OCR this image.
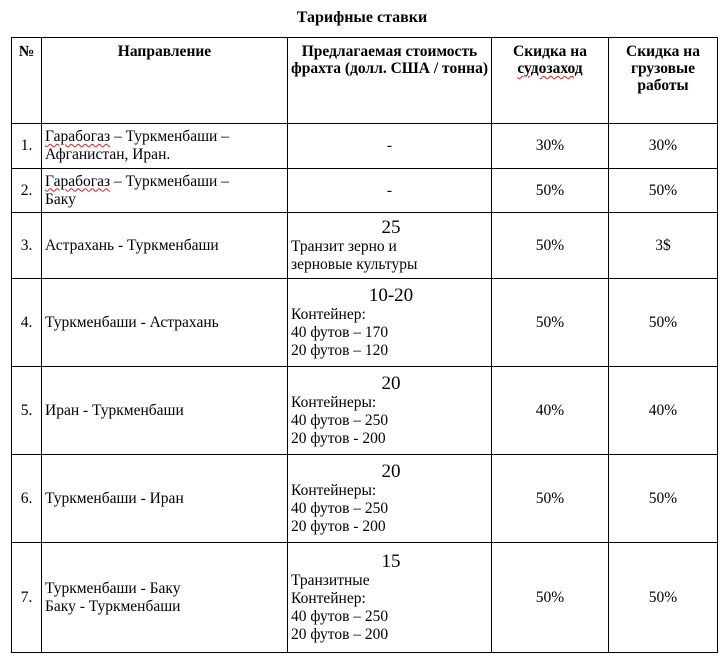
Тарифные ставки
№	Направление	Предлагаемая стоимость фрахта (долл. США / тонна)	Скидка на
судозаход	Скидка на грузовые работы
1.	Гарабогаз – Туркменбаши –
Афганистан, Иран.	-	30%	30%
2.	Гарабогаз – Туркменбаши –
Баку	-	50%	50%
3.	Астрахань - Туркменбаши	25
Транзит зерно и
зерновые культуры	50%	3$
4.	Туркменбаши - Астрахань	10-20
Контейнер:
40 футов – 170
20 футов – 120	50%	50%
5.	Иран - Туркменбаши	20
Контейнеры:
40 футов – 250
20 футов - 200	40%	40%
6.	Туркменбаши - Иран	20
Контейнеры:
40 футов – 250
20 футов - 200	50%	50%
7.	Туркменбаши - Баку
Баку - Туркменбаши	15
Транзитные
Контейнер:
40 футов – 250
20 футов – 200	50%	50%
